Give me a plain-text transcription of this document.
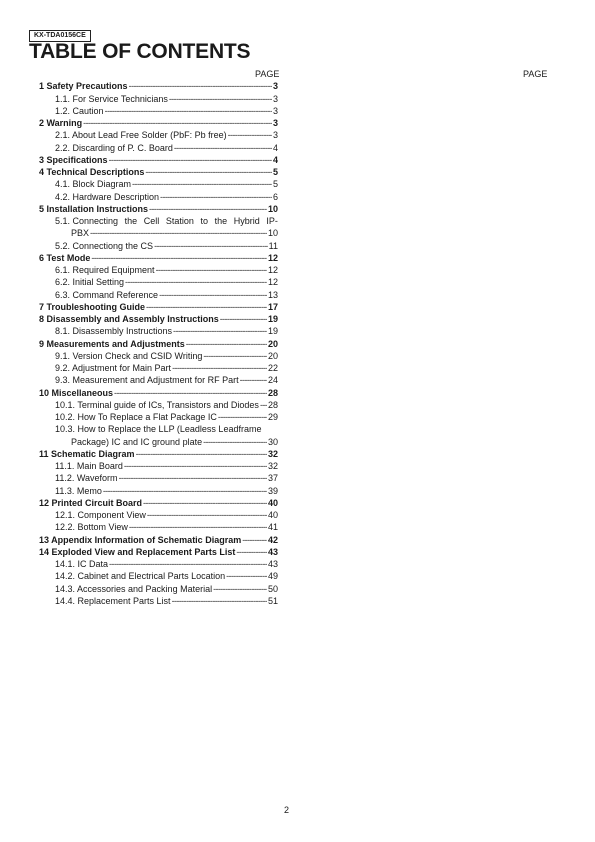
KX-TDA0156CE
TABLE OF CONTENTS
PAGE	PAGE
1 Safety Precautions -----	3
1.1. For Service Technicians -----	3
1.2. Caution -----	3
2 Warning -----	3
2.1. About Lead Free Solder (PbF: Pb free) -----	3
2.2. Discarding of P. C. Board -----	4
3 Specifications -----	4
4 Technical Descriptions -----	5
4.1. Block Diagram -----	5
4.2. Hardware Description -----	6
5 Installation Instructions -----	10
5.1. Connecting the Cell Station to the Hybrid IP-
PBX -----	10
5.2. Connectiong the CS -----	11
6 Test Mode -----	12
6.1. Required Equipment -----	12
6.2. Initial Setting -----	12
6.3. Command Reference -----	13
7 Troubleshooting Guide -----	17
8 Disassembly and Assembly Instructions -----	19
8.1. Disassembly Instructions -----	19
9 Measurements and Adjustments -----	20
9.1. Version Check and CSID Writing -----	20
9.2. Adjustment for Main Part -----	22
9.3. Measurement and Adjustment for RF Part -----	24
10 Miscellaneous -----	28
10.1. Terminal guide of ICs, Transistors and Diodes ----- 28
10.2. How To Replace a Flat Package IC -----	29
10.3. How to Replace the LLP (Leadless Leadframe
Package) IC and IC ground plate -----	30
11 Schematic Diagram -----	32
11.1. Main Board -----	32
11.2. Waveform -----	37
11.3. Memo -----	39
12 Printed Circuit Board -----	40
12.1. Component View -----	40
12.2. Bottom View -----	41
13 Appendix Information of Schematic Diagram -----	42
14 Exploded View and Replacement Parts List -----	43
14.1. IC Data -----	43
14.2. Cabinet and Electrical Parts Location -----	49
14.3. Accessories and Packing Material -----	50
14.4. Replacement Parts List -----	51
2
